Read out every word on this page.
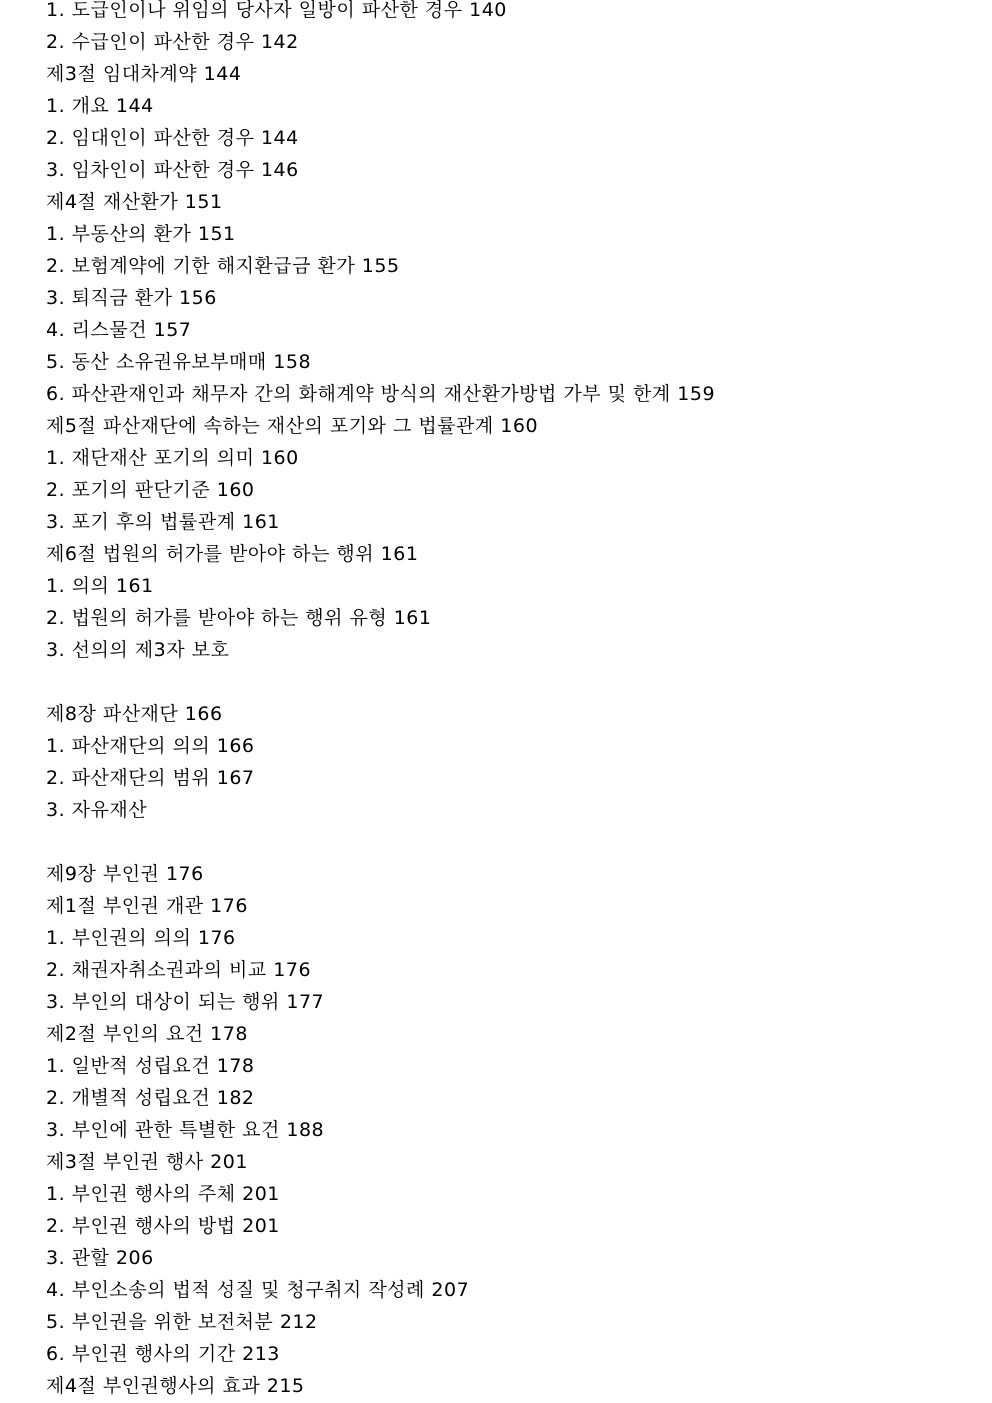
1. 도급인이나 위임의 당사자 일방이 파산한 경우 140
2. 수급인이 파산한 경우 142
제3절 임대차계약 144
1. 개요 144
2. 임대인이 파산한 경우 144
3. 임차인이 파산한 경우 146
제4절 재산환가 151
1. 부동산의 환가 151
2. 보험계약에 기한 해지환급금 환가 155
3. 퇴직금 환가 156
4. 리스물건 157
5. 동산 소유권유보부매매 158
6. 파산관재인과 채무자 간의 화해계약 방식의 재산환가방법 가부 및 한계 159
제5절 파산재단에 속하는 재산의 포기와 그 법률관계 160
1. 재단재산 포기의 의미 160
2. 포기의 판단기준 160
3. 포기 후의 법률관계 161
제6절 법원의 허가를 받아야 하는 행위 161
1. 의의 161
2. 법원의 허가를 받아야 하는 행위 유형 161
3. 선의의 제3자 보호
제8장 파산재단 166
1. 파산재단의 의의 166
2. 파산재단의 범위 167
3. 자유재산
제9장 부인권 176
제1절 부인권 개관 176
1. 부인권의 의의 176
2. 채권자취소권과의 비교 176
3. 부인의 대상이 되는 행위 177
제2절 부인의 요건 178
1. 일반적 성립요건 178
2. 개별적 성립요건 182
3. 부인에 관한 특별한 요건 188
제3절 부인권 행사 201
1. 부인권 행사의 주체 201
2. 부인권 행사의 방법 201
3. 관할 206
4. 부인소송의 법적 성질 및 청구취지 작성례 207
5. 부인권을 위한 보전처분 212
6. 부인권 행사의 기간 213
제4절 부인권행사의 효과 215
